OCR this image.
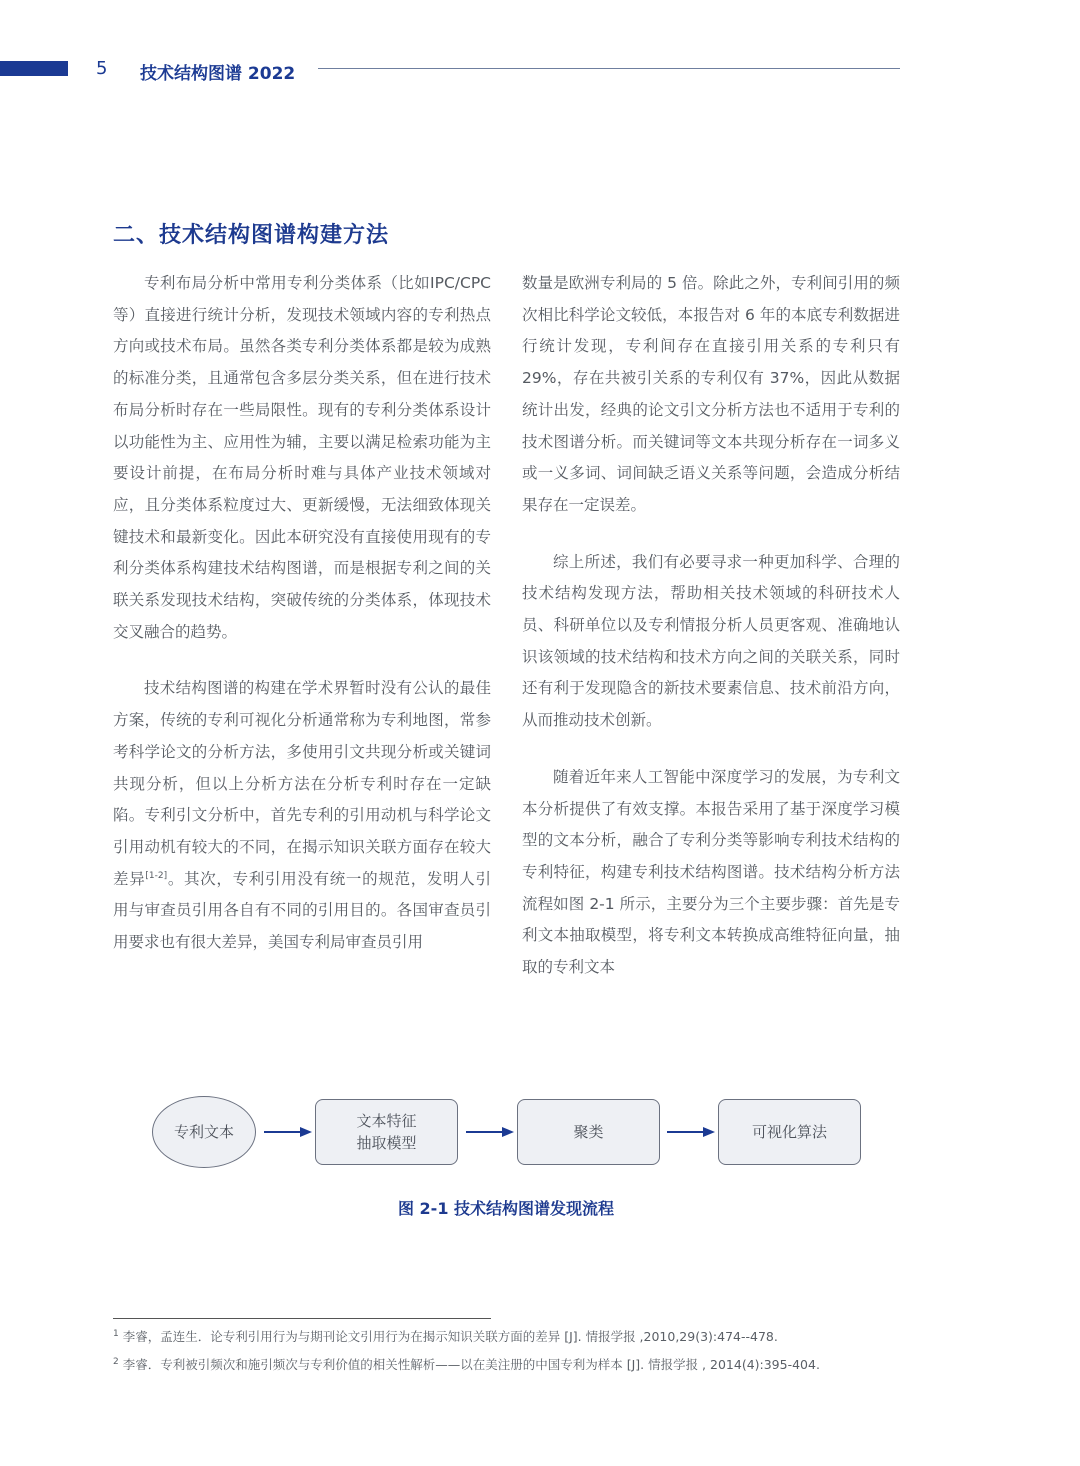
5 技术结构图谱 2022
二、技术结构图谱构建方法

专利布局分析中常用专利分类体系（比如IPC/CPC 等）直接进行统计分析，发现技术领域内容的专利热点方向或技术布局。虽然各类专利分类体系都是较为成熟的标准分类，且通常包含多层分类关系，但在进行技术布局分析时存在一些局限性。现有的专利分类体系设计以功能性为主、应用性为辅，主要以满足检索功能为主要设计前提，在布局分析时难与具体产业技术领域对应，且分类体系粒度过大、更新缓慢，无法细致体现关键技术和最新变化。因此本研究没有直接使用现有的专利分类体系构建技术结构图谱，而是根据专利之间的关联关系发现技术结构，突破传统的分类体系，体现技术交叉融合的趋势。

技术结构图谱的构建在学术界暂时没有公认的最佳方案，传统的专利可视化分析通常称为专利地图，常参考科学论文的分析方法，多使用引文共现分析或关键词共现分析，但以上分析方法在分析专利时存在一定缺陷。专利引文分析中，首先专利的引用动机与科学论文引用动机有较大的不同，在揭示知识关联方面存在较大差异[1-2]。其次，专利引用没有统一的规范，发明人引用与审查员引用各自有不同的引用目的。各国审查员引用要求也有很大差异，美国专利局审查员引用

数量是欧洲专利局的 5 倍。除此之外，专利间引用的频次相比科学论文较低，本报告对 6 年的本底专利数据进行统计发现，专利间存在直接引用关系的专利只有 29%，存在共被引关系的专利仅有 37%，因此从数据统计出发，经典的论文引文分析方法也不适用于专利的技术图谱分析。而关键词等文本共现分析存在一词多义或一义多词、词间缺乏语义关系等问题，会造成分析结果存在一定误差。

综上所述，我们有必要寻求一种更加科学、合理的技术结构发现方法，帮助相关技术领域的科研技术人员、科研单位以及专利情报分析人员更客观、准确地认识该领域的技术结构和技术方向之间的关联关系，同时还有利于发现隐含的新技术要素信息、技术前沿方向，从而推动技术创新。

随着近年来人工智能中深度学习的发展，为专利文本分析提供了有效支撑。本报告采用了基于深度学习模型的文本分析，融合了专利分类等影响专利技术结构的专利特征，构建专利技术结构图谱。技术结构分析方法流程如图 2-1 所示，主要分为三个主要步骤：首先是专利文本抽取模型，将专利文本转换成高维特征向量，抽取的专利文本

专利文本
文本特征
抽取模型
聚类	可视化算法
图 2-1 技术结构图谱发现流程
$^1$ 李睿，孟连生．论专利引用行为与期刊论文引用行为在揭示知识关联方面的差异 [J]. 情报学报 ,2010,29(3):474--478.
$^2$ 李睿．专利被引频次和施引频次与专利价值的相关性解析——以在美注册的中国专利为样本 [J]. 情报学报 , 2014(4):395-404.
